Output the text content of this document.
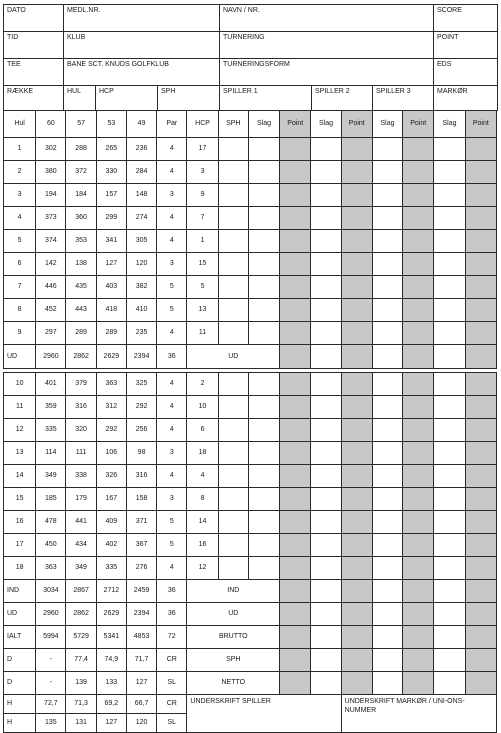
DATO	MEDL.NR.	NAVN / NR.	SCORE
TID	KLUB	TURNERING	POINT
TEE	BANE SCT. KNUDS GOLFKLUB	TURNERINGSFORM	EDS
RÆKKE	HUL	HCP	SPH	SPILLER 1	SPILLER 2	SPILLER 3	MARKØR
Hul	60	57	53	49	Par	HCP	SPH	Slag	Point	Slag	Point	Slag	Point	Slag	Point
1	302	288	265	236	4	17									
2	380	372	330	284	4	3									
3	194	184	157	148	3	9									
4	373	360	299	274	4	7									
5	374	353	341	305	4	1									
6	142	138	127	120	3	15									
7	446	435	403	382	5	5									
8	452	443	418	410	5	13									
9	297	289	289	235	4	11									
UD	2960	2862	2629	2394	36	UD									
10	401	379	363	325	4	2									
11	359	316	312	292	4	10									
12	335	320	292	256	4	6									
13	114	111	106	98	3	18									
14	349	338	326	316	4	4									
15	185	179	167	158	3	8									
16	478	441	409	371	5	14									
17	450	434	402	367	5	16									
18	363	349	335	276	4	12									
IND	3034	2867	2712	2459	36	IND									
UD	2960	2862	2629	2394	36	UD									
IALT	5994	5729	5341	4853	72	BRUTTO									
D	-	77,4	74,9	71,7	CR	SPH									
D	-	139	133	127	SL	NETTO									
H	72,7	71,3	69,2	66,7	CR	UNDERSKRIFT SPILLER					UNDERSKRIFT MARKØR / UNI-ONS-NUMMER				
H	135	131	127	120	SL										
